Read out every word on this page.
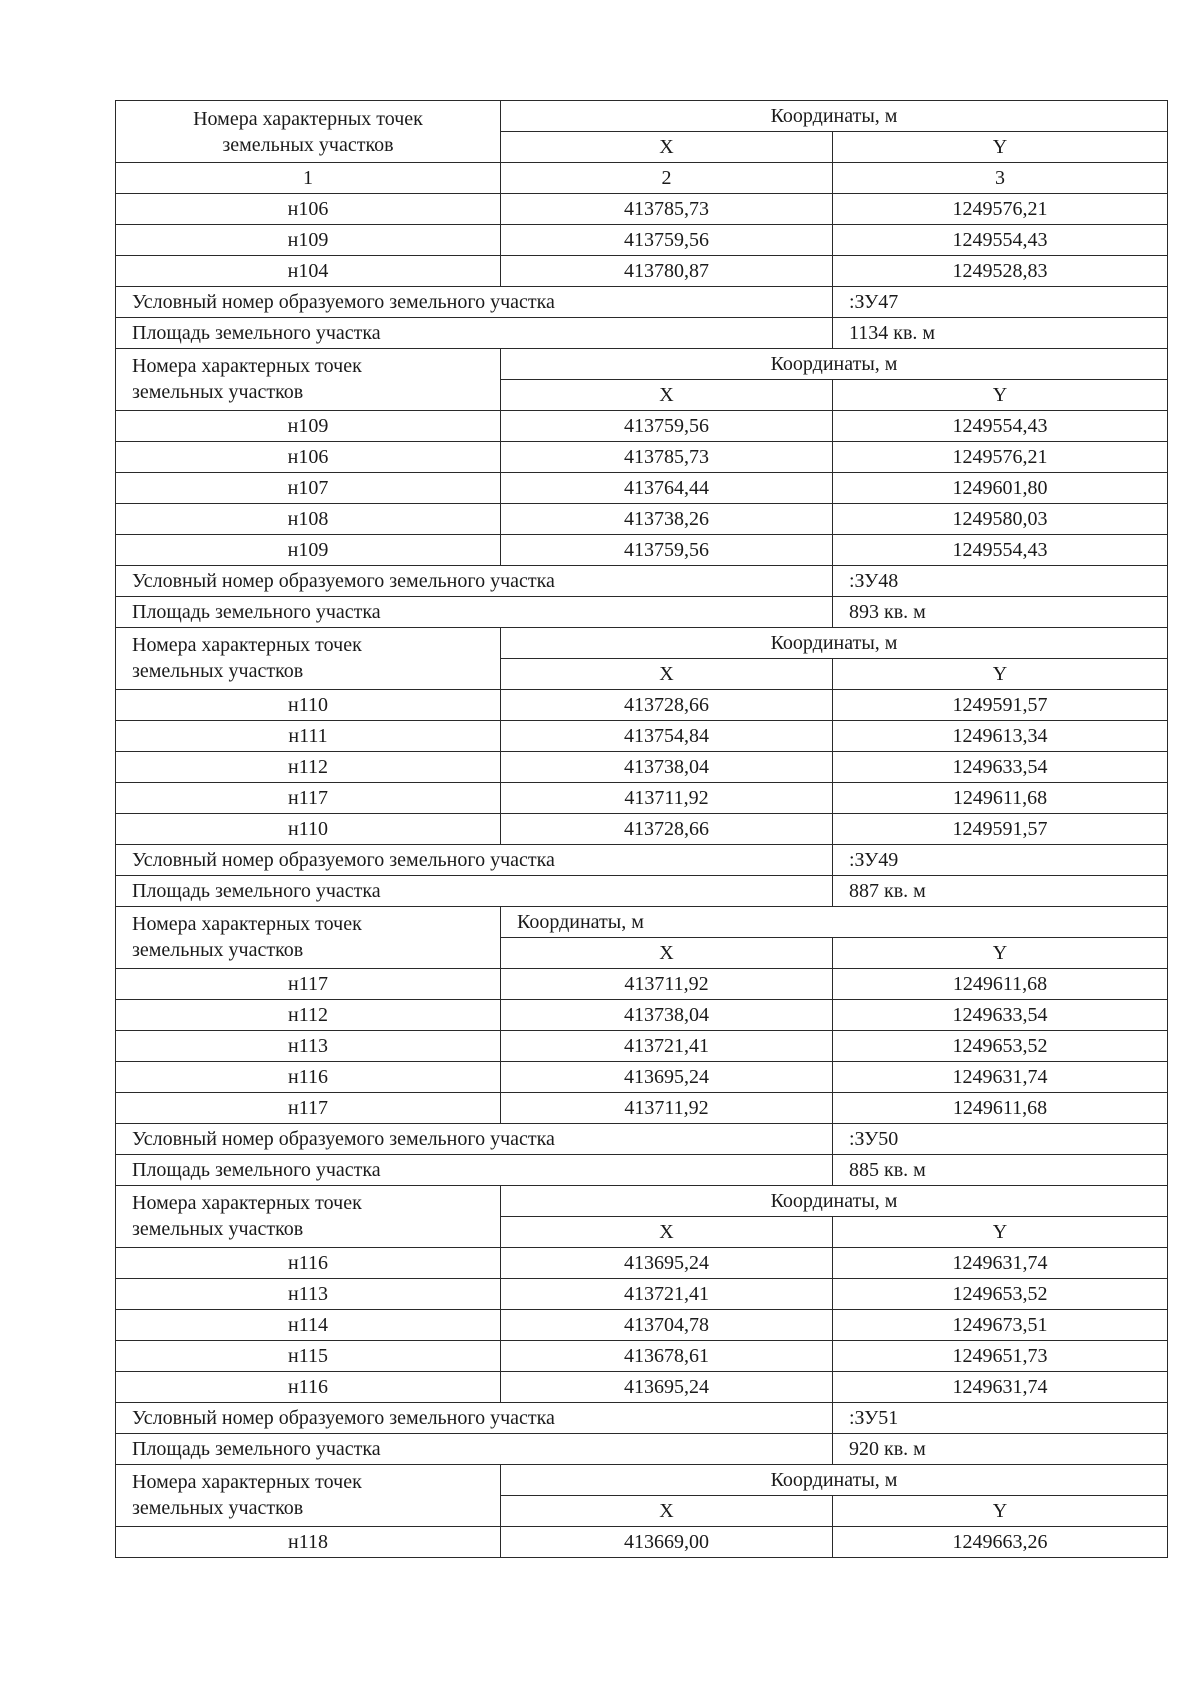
Номера характерных точек
земельных участков	Координаты, м	
	X	Y
1	2	3
н106	413785,73	1249576,21
н109	413759,56	1249554,43
н104	413780,87	1249528,83
Условный номер образуемого земельного участка		:ЗУ47
Площадь земельного участка		1134 кв. м

Номера характерных точек
земельных участков	Координаты, м	
	X	Y
н109	413759,56	1249554,43
н106	413785,73	1249576,21
н107	413764,44	1249601,80
н108	413738,26	1249580,03
н109	413759,56	1249554,43
Условный номер образуемого земельного участка		:ЗУ48
Площадь земельного участка		893 кв. м

Номера характерных точек
земельных участков	Координаты, м	
	X	Y
н110	413728,66	1249591,57
н111	413754,84	1249613,34
н112	413738,04	1249633,54
н117	413711,92	1249611,68
н110	413728,66	1249591,57
Условный номер образуемого земельного участка		:ЗУ49
Площадь земельного участка		887 кв. м

Номера характерных точек
земельных участков	Координаты, м	
	X	Y
н117	413711,92	1249611,68
н112	413738,04	1249633,54
н113	413721,41	1249653,52
н116	413695,24	1249631,74
н117	413711,92	1249611,68
Условный номер образуемого земельного участка		:ЗУ50
Площадь земельного участка		885 кв. м

Номера характерных точек
земельных участков	Координаты, м	
	X	Y
н116	413695,24	1249631,74
н113	413721,41	1249653,52
н114	413704,78	1249673,51
н115	413678,61	1249651,73
н116	413695,24	1249631,74
Условный номер образуемого земельного участка		:ЗУ51
Площадь земельного участка		920 кв. м

Номера характерных точек
земельных участков	Координаты, м	
	X	Y
н118	413669,00	1249663,26
